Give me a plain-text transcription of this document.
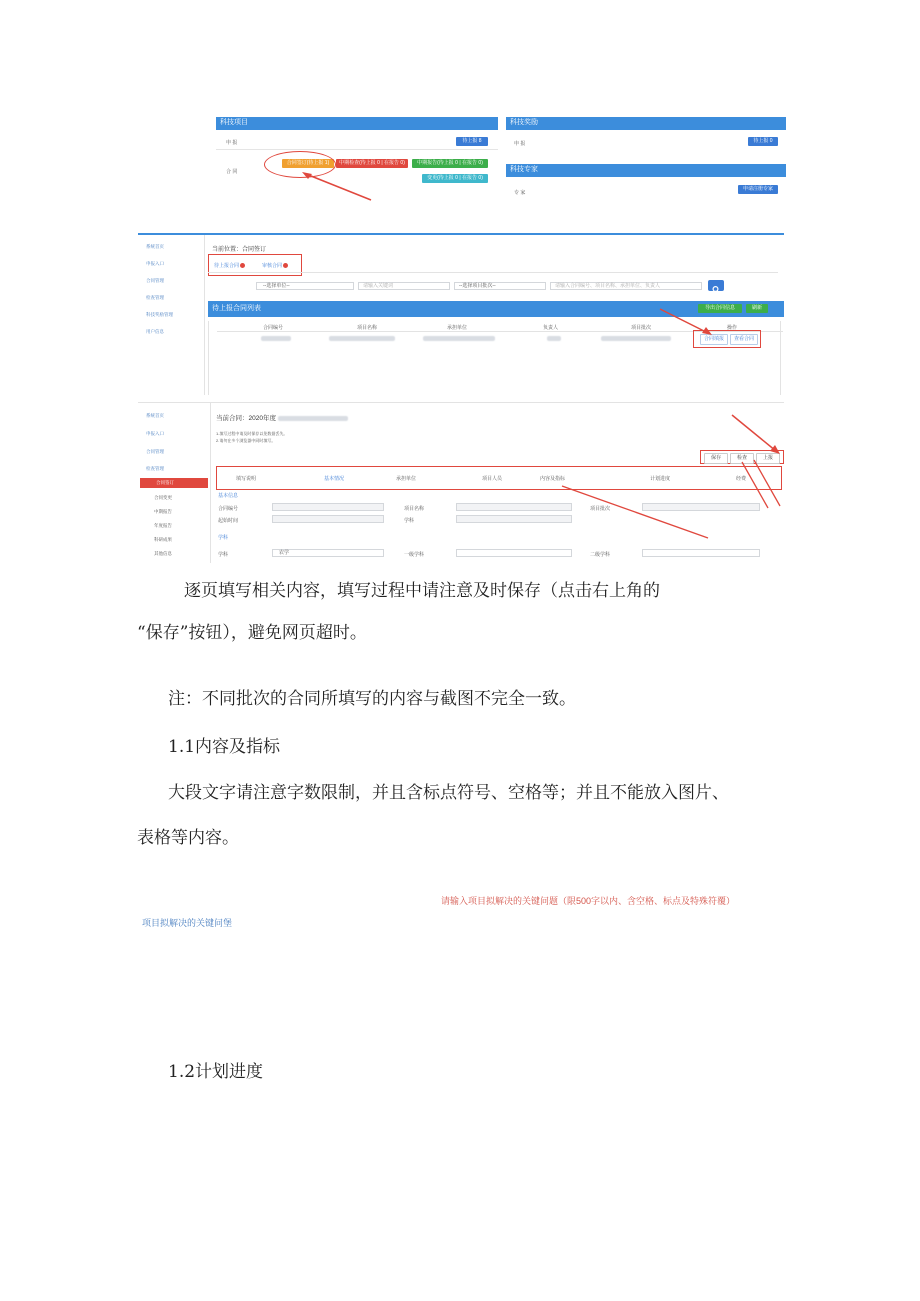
科技项目
申 报	待上报 8
合 同
合同签订(待上报 1)	中期检查(待上报 0 | 在报告 0)	中期报告(待上报 0 | 在报告 0)
变更(待上报 0 | 在报告 0)
科技奖励
申 报	待上报 0
科技专家
专 家
申请注册专家
系统首页
申报入口
合同管理
检查管理
科技奖励管理
用户信息
当前位置：合同签订
待上报合同	审核合同
--选择单位--	请输入关键词	--选择项目批次--	请输入合同编号、项目名称、承担单位、负责人
待上报合同列表	导出合同信息	刷新
合同编号	项目名称	承担单位	负责人	项目批次	操作
合同填报	查看合同
系统首页
申报入口
合同管理
检查管理
合同签订
合同变更
中期报告
年度报告
科研成果
其他信息
当前合同：2020年度
1.填写过程中请及时保存以免数据丢失。
2.请勿在多个浏览器中同时填写。
保存	检查	上报
填写说明	基本情况	承担单位	项目人员	内容及指标	计划进度	经费
基本信息
合同编号	项目名称	项目批次
起始时间	学科
学科
学科	农学	一级学科	二级学科
逐页填写相关内容，填写过程中请注意及时保存（点击右上角的
“保存”按钮），避免网页超时。
注：不同批次的合同所填写的内容与截图不完全一致。
1.1内容及指标
大段文字请注意字数限制，并且含标点符号、空格等；并且不能放入图片、
表格等内容。
请输入项目拟解决的关键问题（限500字以内、含空格、标点及特殊符覆）
项目拟解决的关键问堡
1.2计划进度
